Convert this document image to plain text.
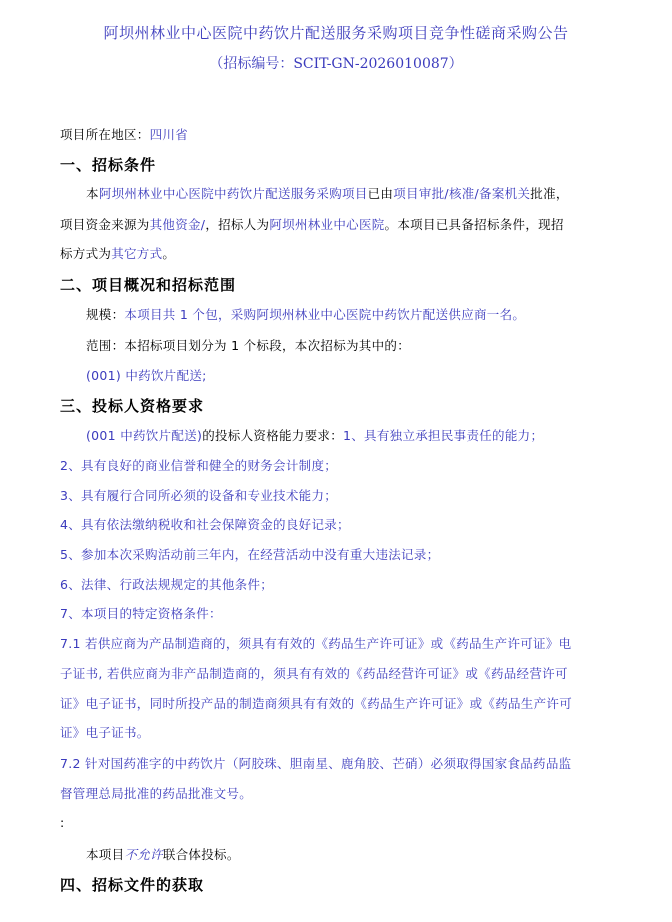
阿坝州林业中心医院中药饮片配送服务采购项目竞争性磋商采购公告
（招标编号：SCIT-GN-2026010087）
项目所在地区：四川省
一、招标条件
本阿坝州林业中心医院中药饮片配送服务采购项目已由项目审批/核准/备案机关批准，
项目资金来源为其他资金/，招标人为阿坝州林业中心医院。本项目已具备招标条件，现招
标方式为其它方式。
二、项目概况和招标范围
规模：本项目共 1 个包，采购阿坝州林业中心医院中药饮片配送供应商一名。
范围：本招标项目划分为 1 个标段，本次招标为其中的：
(001) 中药饮片配送;
三、投标人资格要求
(001 中药饮片配送)的投标人资格能力要求：1、具有独立承担民事责任的能力；
2、具有良好的商业信誉和健全的财务会计制度；
3、具有履行合同所必须的设备和专业技术能力；
4、具有依法缴纳税收和社会保障资金的良好记录；
5、参加本次采购活动前三年内，在经营活动中没有重大违法记录；
6、法律、行政法规规定的其他条件；
7、本项目的特定资格条件：
7.1 若供应商为产品制造商的，须具有有效的《药品生产许可证》或《药品生产许可证》电
子证书, 若供应商为非产品制造商的，须具有有效的《药品经营许可证》或《药品经营许可
证》电子证书，同时所投产品的制造商须具有有效的《药品生产许可证》或《药品生产许可
证》电子证书。
7.2 针对国药准字的中药饮片（阿胶珠、胆南星、鹿角胶、芒硝）必须取得国家食品药品监
督管理总局批准的药品批准文号。
:
本项目不允许联合体投标。
四、招标文件的获取
